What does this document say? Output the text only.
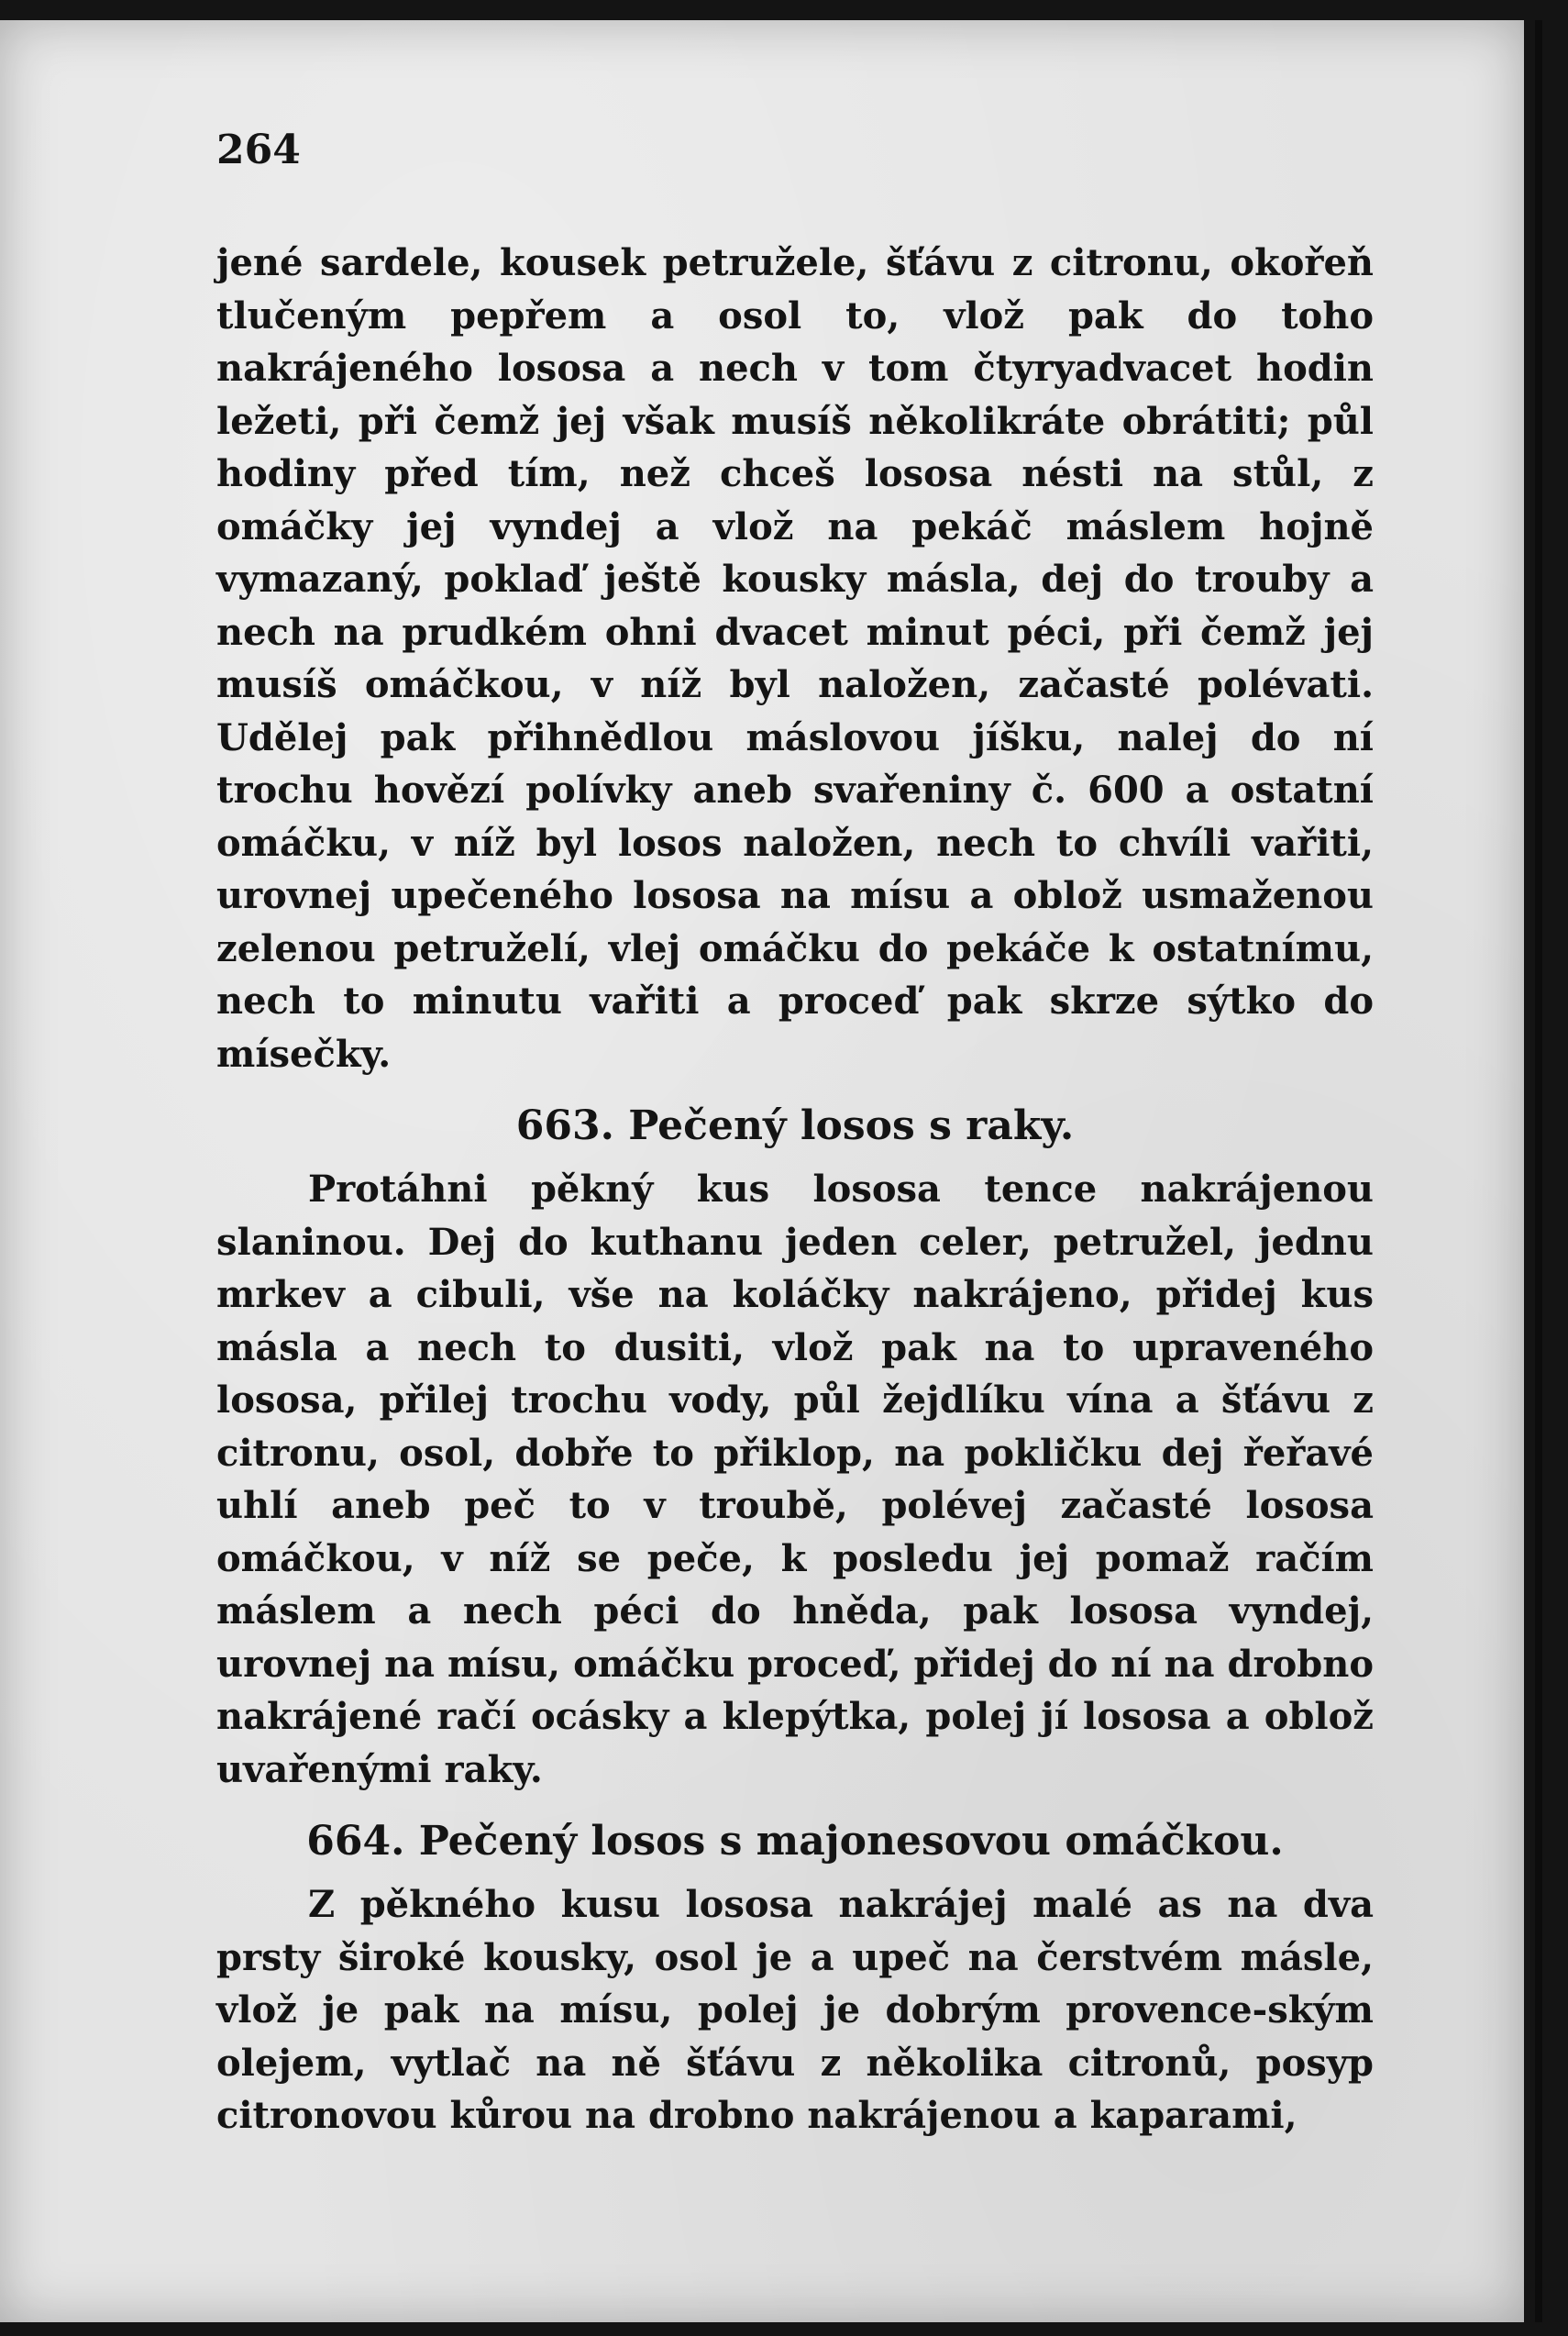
264

jené sardele, kousek petružele, šťávu z citronu, okořeň tlučeným pepřem a osol to, vlož pak do toho nakrájeného lososa a nech v tom čtyryadvacet hodin ležeti, při čemž jej však musíš několikráte obrátiti; půl hodiny před tím, než chceš lososa nésti na stůl, z omáčky jej vyndej a vlož na pekáč máslem hojně vymazaný, poklaď ještě kousky másla, dej do trouby a nech na prudkém ohni dvacet minut péci, při čemž jej musíš omáčkou, v níž byl naložen, začasté polévati. Udělej pak přihnědlou máslovou jíšku, nalej do ní trochu hovězí polívky aneb svařeniny č. 600 a ostatní omáčku, v níž byl losos naložen, nech to chvíli vařiti, urovnej upečeného lososa na mísu a oblož usmaženou zelenou petruželí, vlej omáčku do pekáče k ostatnímu, nech to minutu vařiti a proceď pak skrze sýtko do mísečky.

663. Pečený losos s raky.

Protáhni pěkný kus lososa tence nakrájenou slaninou. Dej do kuthanu jeden celer, petružel, jednu mrkev a cibuli, vše na koláčky nakrájeno, přidej kus másla a nech to dusiti, vlož pak na to upraveného lososa, přilej trochu vody, půl žejdlíku vína a šťávu z citronu, osol, dobře to přiklop, na pokličku dej řeřavé uhlí aneb peč to v troubě, polévej začasté lososa omáčkou, v níž se peče, k posledu jej pomaž račím máslem a nech péci do hněda, pak lososa vyndej, urovnej na mísu, omáčku proceď, přidej do ní na drobno nakrájené račí ocásky a klepýtka, polej jí lososa a oblož uvařenými raky.

664. Pečený losos s majonesovou omáčkou.

Z pěkného kusu lososa nakrájej malé as na dva prsty široké kousky, osol je a upeč na čerstvém másle, vlož je pak na mísu, polej je dobrým provence-ským olejem, vytlač na ně šťávu z několika citronů, posyp citronovou kůrou na drobno nakrájenou a kaparami,
